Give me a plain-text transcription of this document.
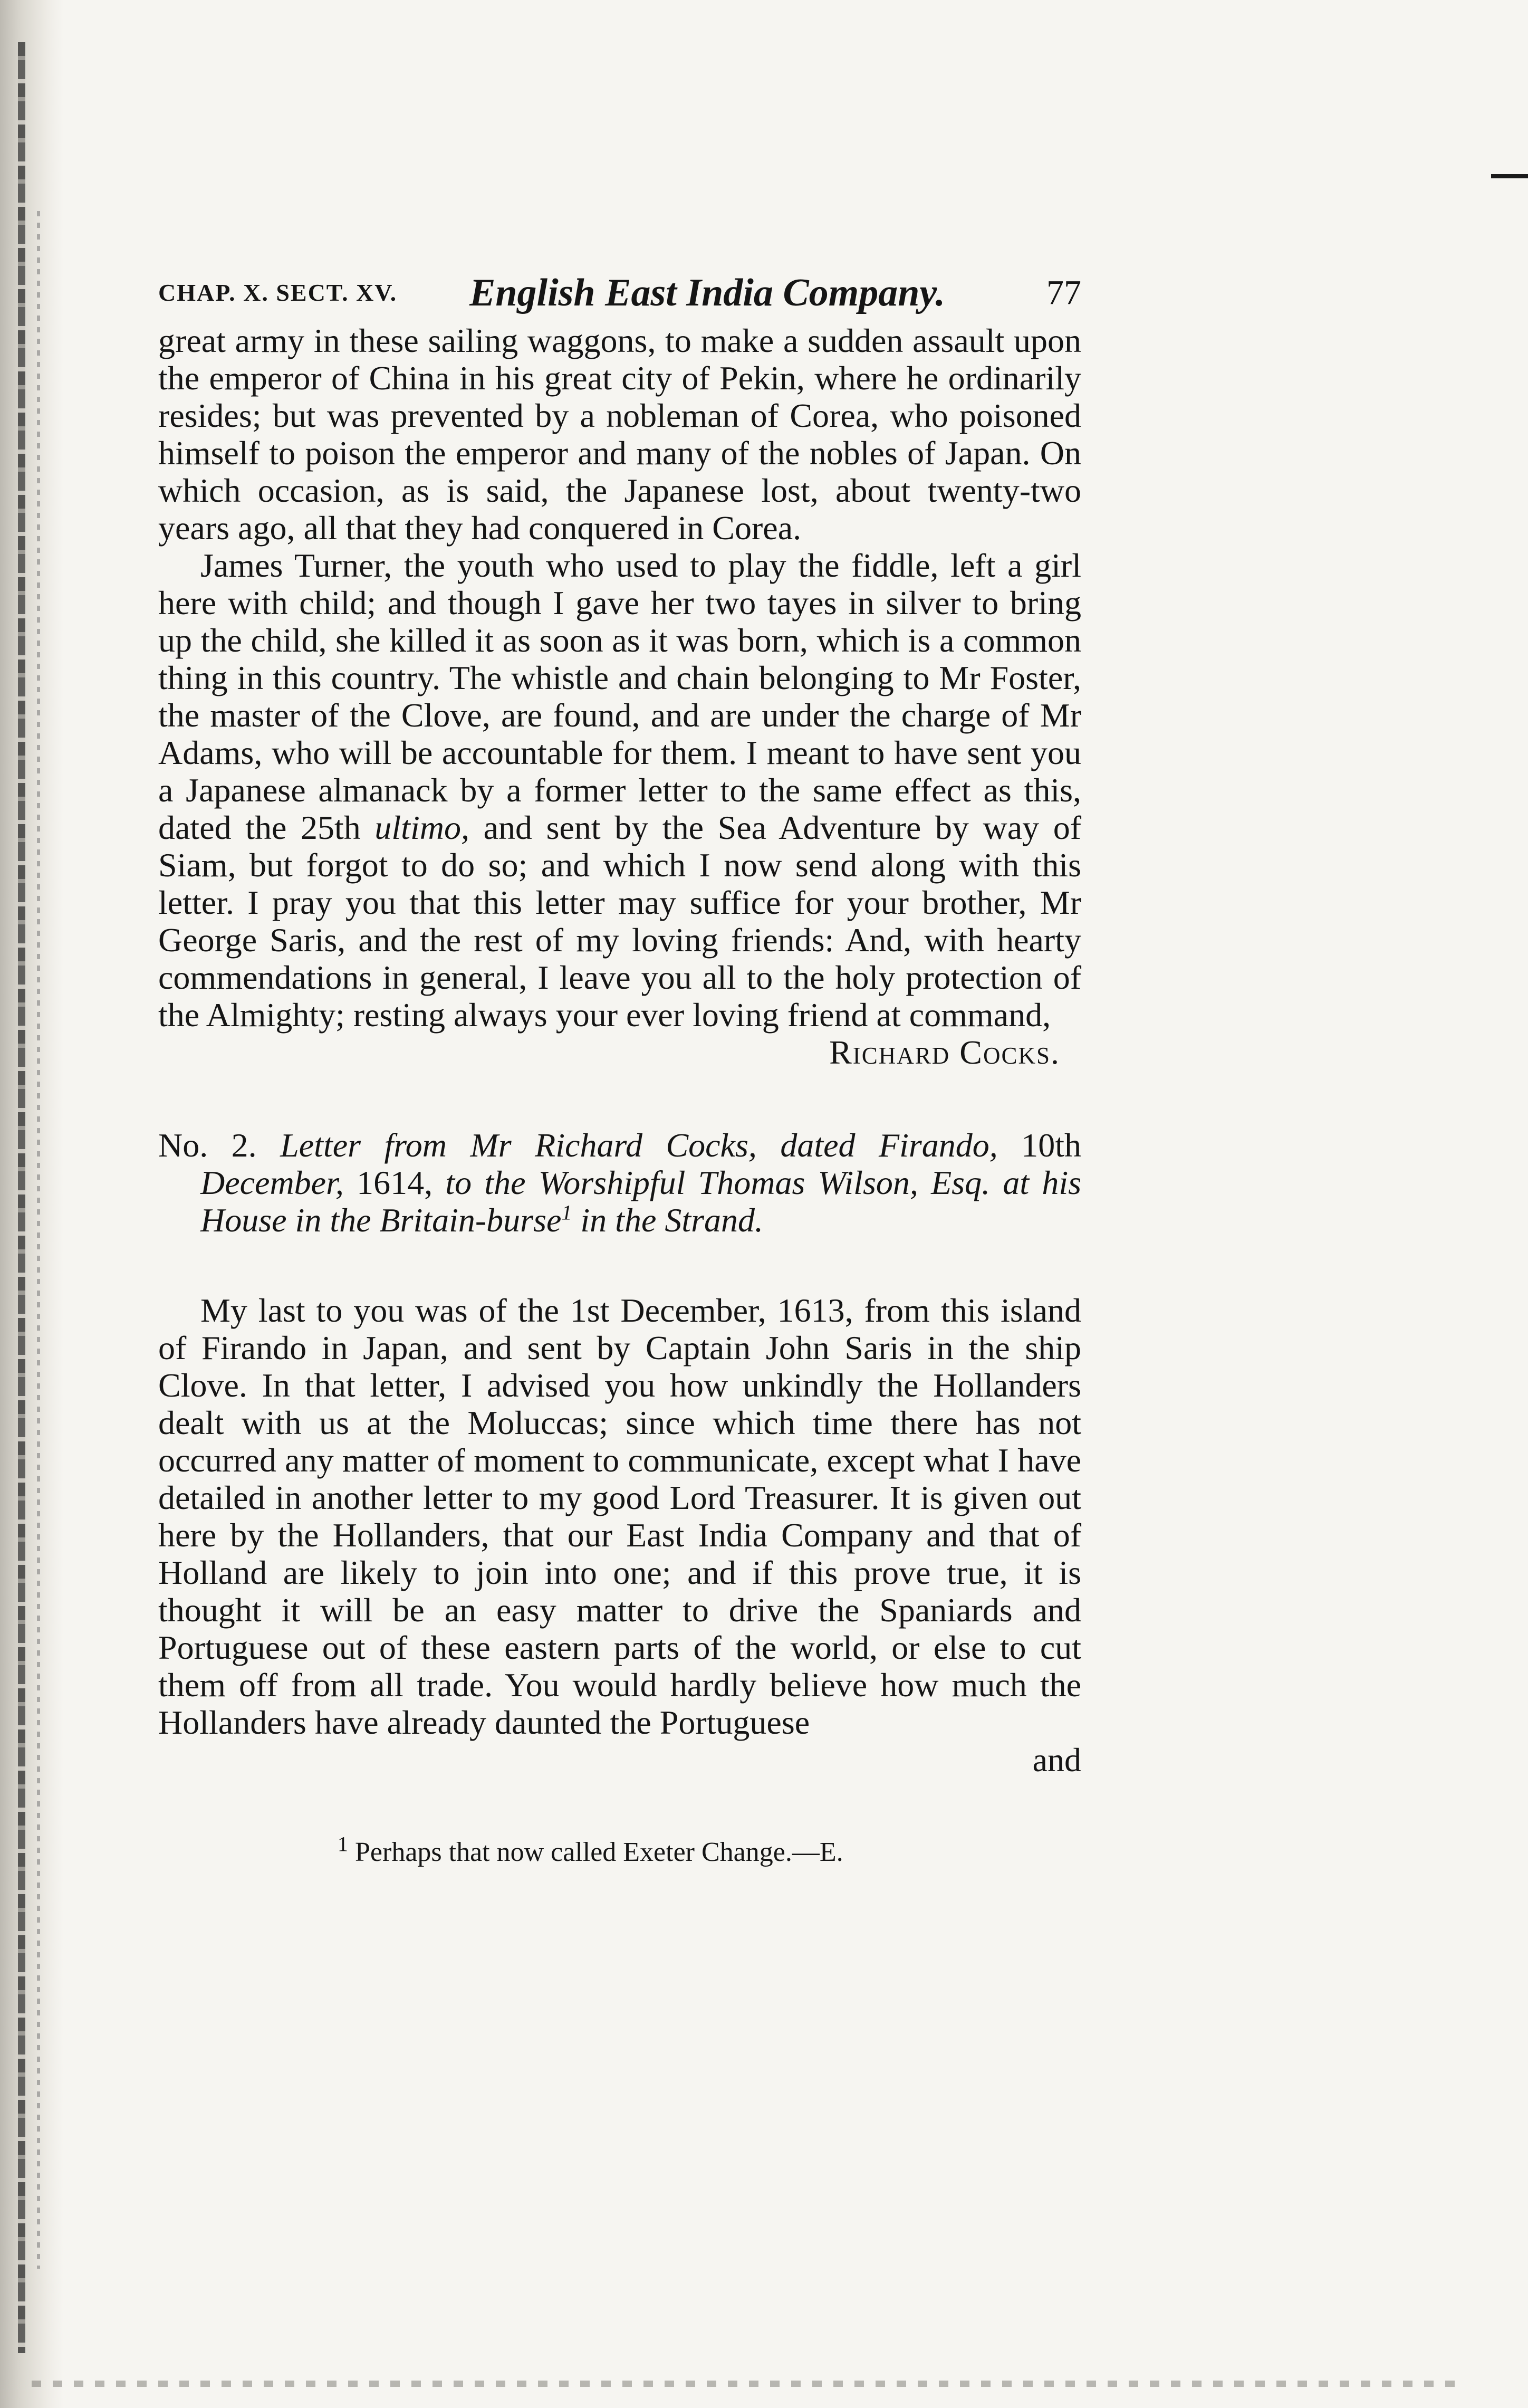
CHAP. X. SECT. XV. English East India Company.	77

great army in these sailing waggons, to make a sudden assault upon the emperor of China in his great city of Pekin, where he ordinarily resides; but was prevented by a nobleman of Corea, who poisoned himself to poison the emperor and many of the nobles of Japan. On which occasion, as is said, the Japanese lost, about twenty-two years ago, all that they had conquered in Corea.

James Turner, the youth who used to play the fiddle, left a girl here with child; and though I gave her two tayes in silver to bring up the child, she killed it as soon as it was born, which is a common thing in this country. The whistle and chain belonging to Mr Foster, the master of the Clove, are found, and are under the charge of Mr Adams, who will be accountable for them. I meant to have sent you a Japanese almanack by a former letter to the same effect as this, dated the 25th ultimo, and sent by the Sea Adventure by way of Siam, but forgot to do so; and which I now send along with this letter. I pray you that this letter may suffice for your brother, Mr George Saris, and the rest of my loving friends: And, with hearty commendations in general, I leave you all to the holy protection of the Almighty; resting always your ever loving friend at command,

Richard Cocks.

No. 2. Letter from Mr Richard Cocks, dated Firando, 10th December, 1614, to the Worshipful Thomas Wilson, Esq. at his House in the Britain-burse$^1$ in the Strand.

My last to you was of the 1st December, 1613, from this island of Firando in Japan, and sent by Captain John Saris in the ship Clove. In that letter, I advised you how unkindly the Hollanders dealt with us at the Moluccas; since which time there has not occurred any matter of moment to communicate, except what I have detailed in another letter to my good Lord Treasurer. It is given out here by the Hollanders, that our East India Company and that of Holland are likely to join into one; and if this prove true, it is thought it will be an easy matter to drive the Spaniards and Portuguese out of these eastern parts of the world, or else to cut them off from all trade. You would hardly believe how much the Hollanders have already daunted the Portuguese

and

$^1$ Perhaps that now called Exeter Change.—E.
